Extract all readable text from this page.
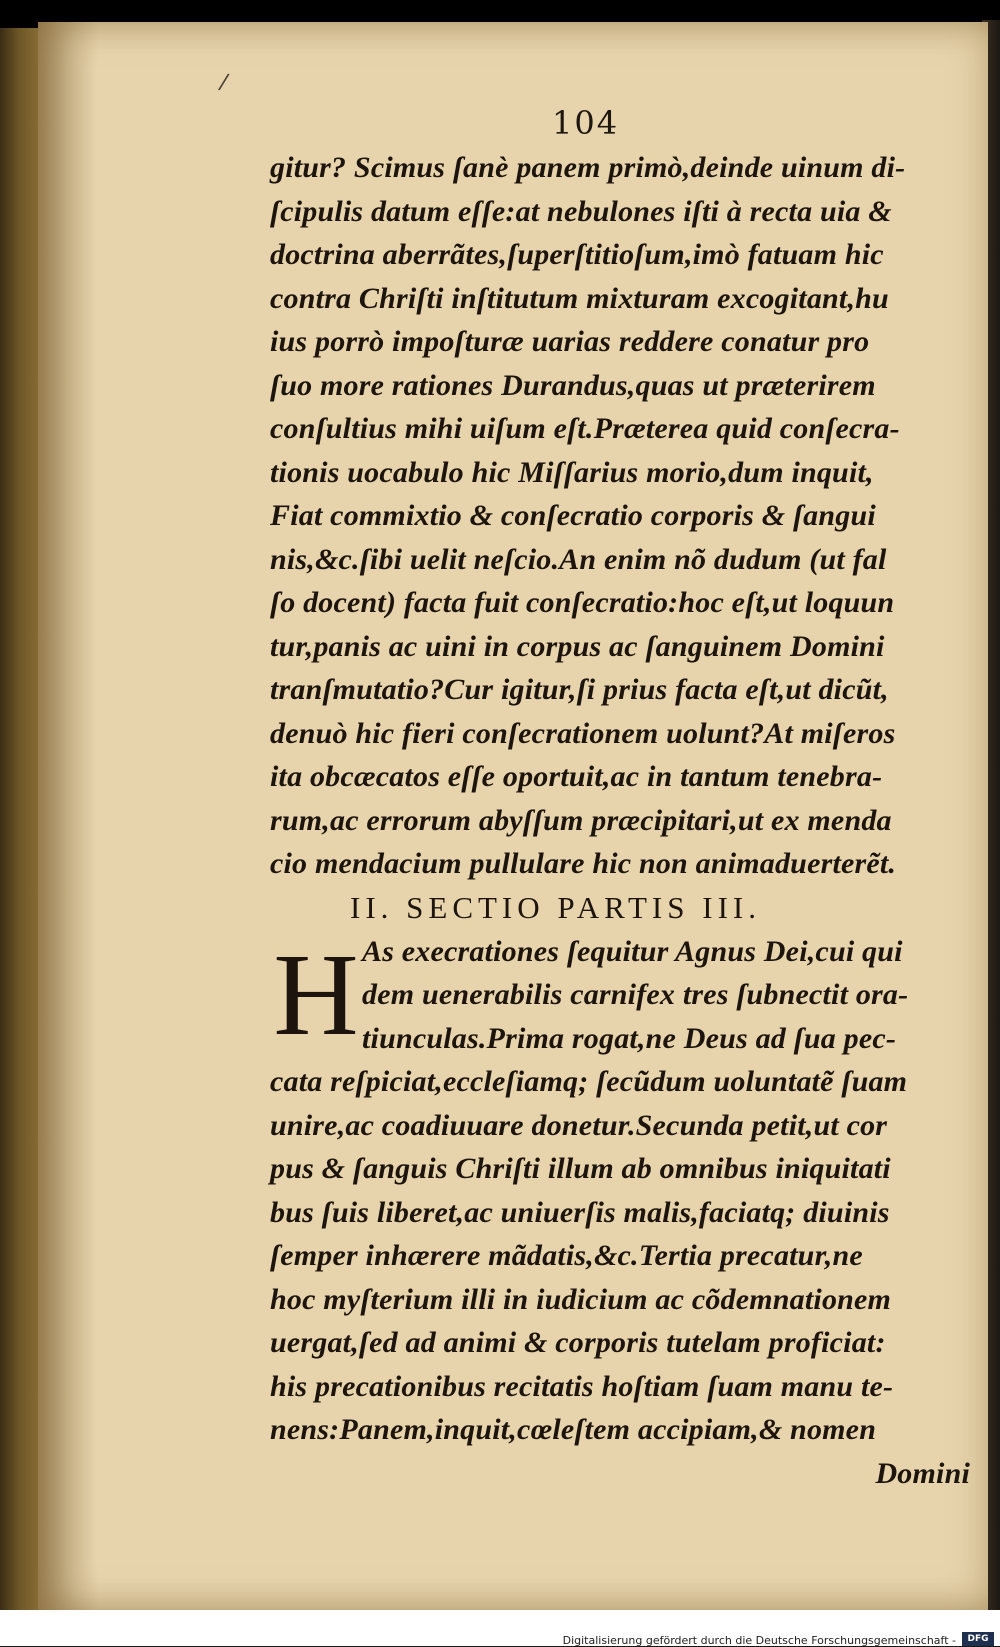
/
104
gitur? Scimus ſanè panem primò,deinde uinum di-
ſcipulis datum eſſe:at nebulones iſti à recta uia &
doctrina aberrãtes,ſuperſtitioſum,imò fatuam hic
contra Chriſti inſtitutum mixturam excogitant,hu
ius porrò impoſturæ uarias reddere conatur pro
ſuo more rationes Durandus,quas ut præterirem
conſultius mihi uiſum eſt.Præterea quid conſecra-
tionis uocabulo hic Miſſarius morio,dum inquit,
Fiat commixtio & conſecratio corporis & ſangui
nis,&c.ſibi uelit neſcio.An enim nõ dudum (ut fal
ſo docent) facta fuit conſecratio:hoc eſt,ut loquun
tur,panis ac uini in corpus ac ſanguinem Domini
tranſmutatio?Cur igitur,ſi prius facta eſt,ut dicũt,
denuò hic fieri conſecrationem uolunt?At miſeros
ita obcæcatos eſſe oportuit,ac in tantum tenebra-
rum,ac errorum abyſſum præcipitari,ut ex menda
cio mendacium pullulare hic non animaduerterẽt.
II. SECTIO PARTIS III.
H As execrationes ſequitur Agnus Dei,cui qui
dem uenerabilis carnifex tres ſubnectit ora-
tiunculas.Prima rogat,ne Deus ad ſua pec-
cata reſpiciat,eccleſiamq; ſecũdum uoluntatẽ ſuam
unire,ac coadiuuare donetur.Secunda petit,ut cor
pus & ſanguis Chriſti illum ab omnibus iniquitati
bus ſuis liberet,ac uniuerſis malis,faciatq; diuinis
ſemper inhærere mãdatis,&c.Tertia precatur,ne
hoc myſterium illi in iudicium ac cõdemnationem
uergat,ſed ad animi & corporis tutelam proficiat:
his precationibus recitatis hoſtiam ſuam manu te-
nens:Panem,inquit,cœleſtem accipiam,& nomen
Domini
Digitalisierung gefördert durch die Deutsche Forschungsgemeinschaft -	DFG
